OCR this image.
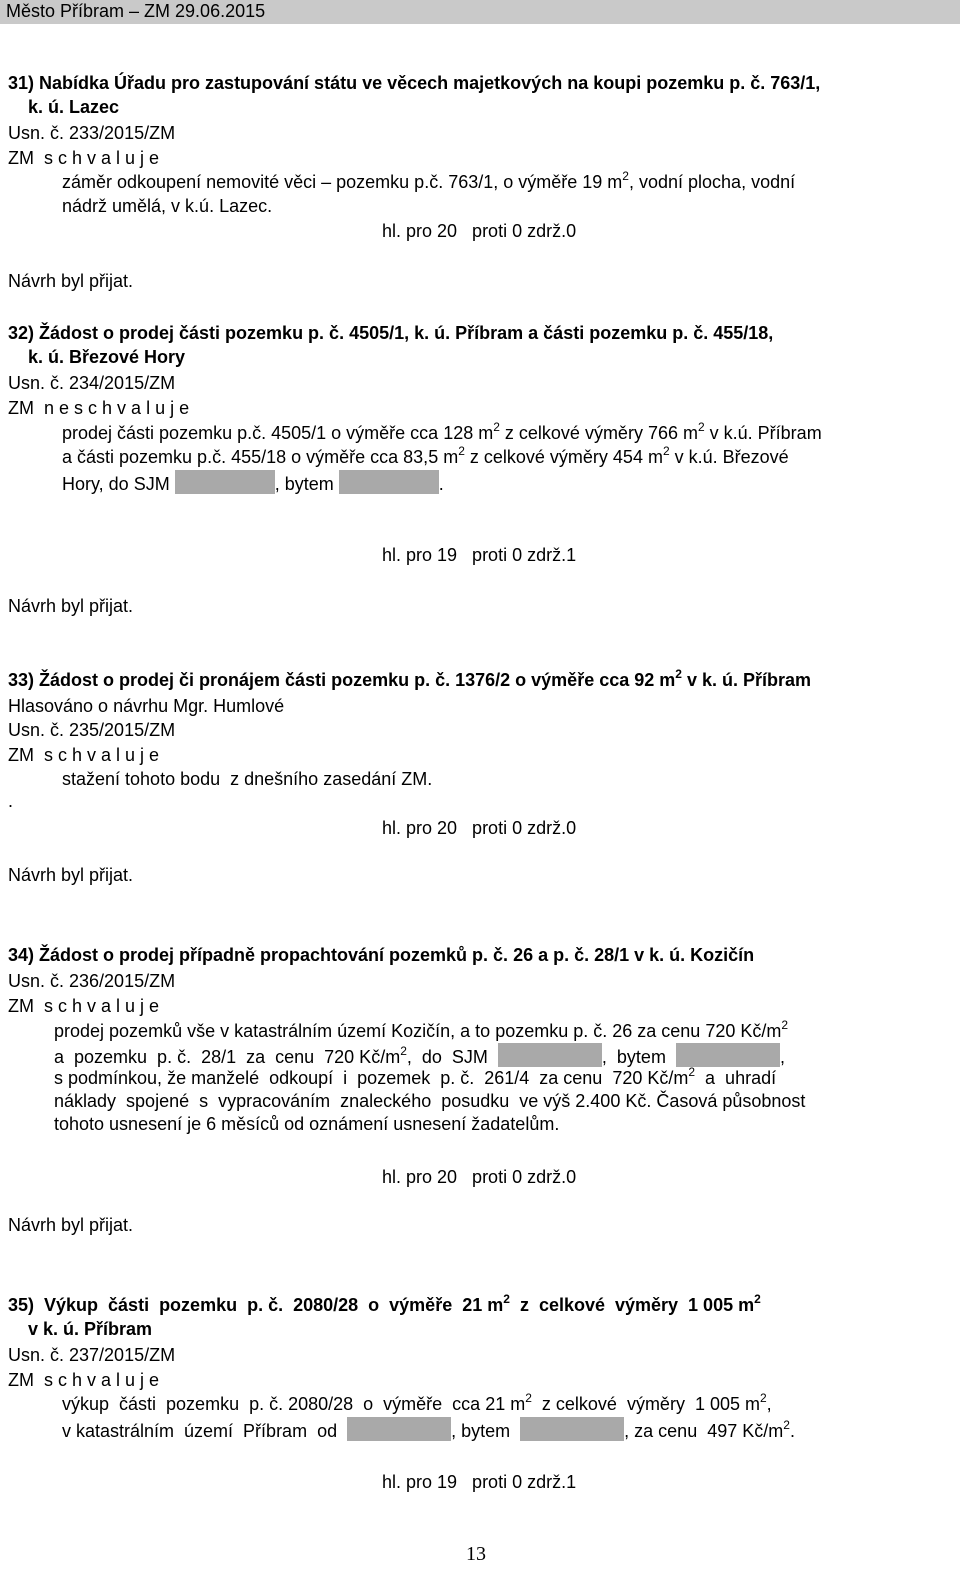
Město Příbram – ZM 29.06.2015
31) Nabídka Úřadu pro zastupování státu ve věcech majetkových na koupi pozemku p. č. 763/1,
k. ú. Lazec
Usn. č. 233/2015/ZM
ZM s c h v a l u j e
záměr odkoupení nemovité věci – pozemku p.č. 763/1, o výměře 19 $m^2$, vodní plocha, vodní
nádrž umělá, v k.ú. Lazec.
hl. pro 20   proti 0 zdrž.0
Návrh byl přijat.
32) Žádost o prodej části pozemku p. č. 4505/1, k. ú. Příbram a části pozemku p. č. 455/18,
k. ú. Březové Hory
Usn. č. 234/2015/ZM
ZM n e s c h v a l u j e
prodej části pozemku p.č. 4505/1 o výměře cca 128 $m^2$ z celkové výměry 766 $m^2$ v k.ú. Příbram
a části pozemku p.č. 455/18 o výměře cca 83,5 $m^2$ z celkové výměry 454 $m^2$ v k.ú. Březové
Hory, do SJM	, bytem	.
hl. pro 19   proti 0 zdrž.1
Návrh byl přijat.
33) Žádost o prodej či pronájem části pozemku p. č. 1376/2 o výměře cca 92 $m^2$ v k. ú. Příbram
Hlasováno o návrhu Mgr. Humlové
Usn. č. 235/2015/ZM
ZM s c h v a l u j e
stažení tohoto bodu  z dnešního zasedání ZM.
.
hl. pro 20   proti 0 zdrž.0
Návrh byl přijat.
34) Žádost o prodej případně propachtování pozemků p. č. 26 a p. č. 28/1 v k. ú. Kozičín
Usn. č. 236/2015/ZM
ZM s c h v a l u j e
prodej pozemků vše v katastrálním území Kozičín, a to pozemku p. č. 26 za cenu 720 $Kč/m^2$
a  pozemku  p. č.  28/1  za  cenu  720 $Kč/m^2$,  do  SJM	,  bytem	,
s podmínkou, že manželé  odkoupí  i  pozemek  p. č.  261/4  za cenu  720 $Kč/m^2$  a  uhradí
náklady  spojené  s  vypracováním  znaleckého  posudku  ve výš 2.400 Kč. Časová působnost
tohoto usnesení je 6 měsíců od oznámení usnesení žadatelům.
hl. pro 20   proti 0 zdrž.0
Návrh byl přijat.
35)  Výkup  části  pozemku  p. č.  2080/28  o  výměře  21 $m^2$  z  celkové  výměry  1 005 $m^2$
v k. ú. Příbram
Usn. č. 237/2015/ZM
ZM s c h v a l u j e
výkup  části  pozemku  p. č. 2080/28  o  výměře  cca 21 $m^2$  z celkové  výměry  1 005 $m^2$,
v katastrálním  území  Příbram  od	, bytem	, za cenu  497 $Kč/m^2$.
hl. pro 19   proti 0 zdrž.1
13
